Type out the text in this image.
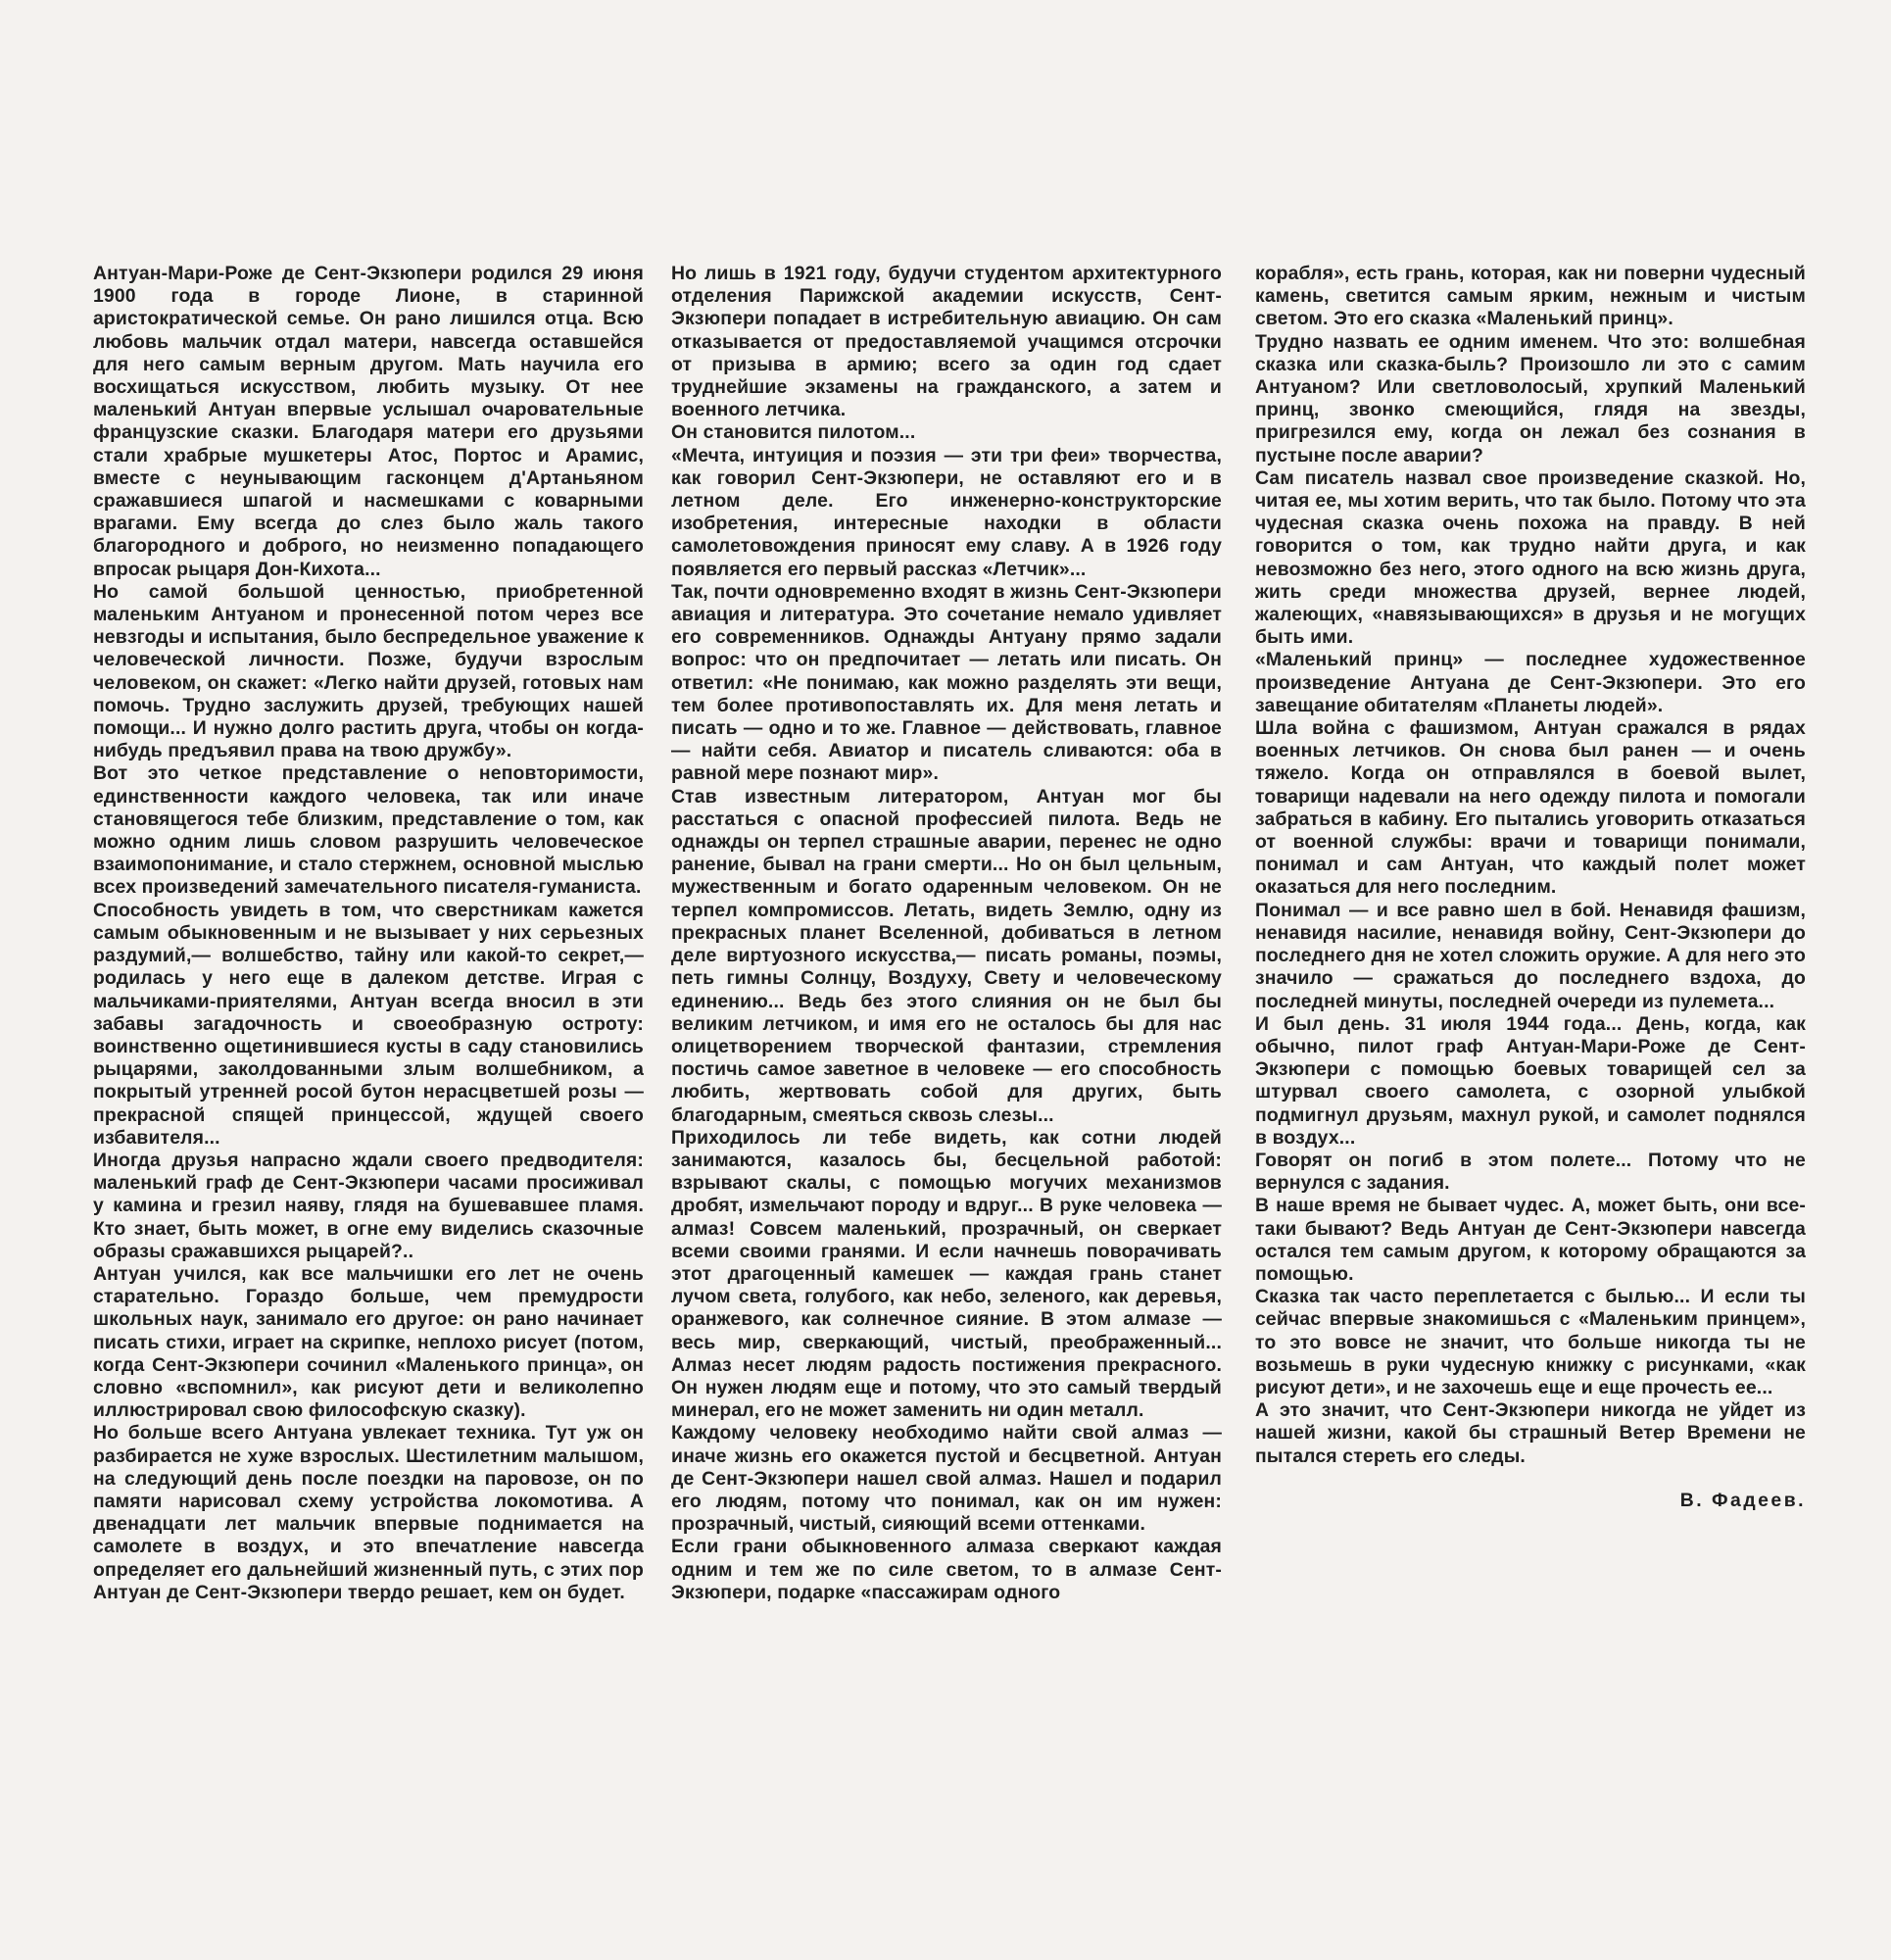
Антуан-Мари-Роже де Сент-Экзюпери родился 29 июня 1900 года в городе Лионе, в старинной аристократической семье. Он рано лишился отца. Всю любовь мальчик отдал матери, навсегда оставшейся для него самым верным другом. Мать научила его восхищаться искусством, любить музыку. От нее маленький Антуан впервые услышал очаровательные французские сказки. Благодаря матери его друзьями стали храбрые мушкетеры Атос, Портос и Арамис, вместе с неунывающим гасконцем д'Артаньяном сражавшиеся шпагой и насмешками с коварными врагами. Ему всегда до слез было жаль такого благородного и доброго, но неизменно попадающего впросак рыцаря Дон-Кихота...

Но самой большой ценностью, приобретенной маленьким Антуаном и пронесенной потом через все невзгоды и испытания, было беспредельное уважение к человеческой личности. Позже, будучи взрослым человеком, он скажет: «Легко найти друзей, готовых нам помочь. Трудно заслужить друзей, требующих нашей помощи... И нужно долго растить друга, чтобы он когда-нибудь предъявил права на твою дружбу».

Вот это четкое представление о неповторимости, единственности каждого человека, так или иначе становящегося тебе близким, представление о том, как можно одним лишь словом разрушить человеческое взаимопонимание, и стало стержнем, основной мыслью всех произведений замечательного писателя-гуманиста.

Способность увидеть в том, что сверстникам кажется самым обыкновенным и не вызывает у них серьезных раздумий,— волшебство, тайну или какой-то секрет,— родилась у него еще в далеком детстве. Играя с мальчиками-приятелями, Антуан всегда вносил в эти забавы загадочность и своеобразную остроту: воинственно ощетинившиеся кусты в саду становились рыцарями, заколдованными злым волшебником, а покрытый утренней росой бутон нерасцветшей розы — прекрасной спящей принцессой, ждущей своего избавителя...

Иногда друзья напрасно ждали своего предводителя: маленький граф де Сент-Экзюпери часами просиживал у камина и грезил наяву, глядя на бушевавшее пламя. Кто знает, быть может, в огне ему виделись сказочные образы сражавшихся рыцарей?..

Антуан учился, как все мальчишки его лет не очень старательно. Гораздо больше, чем премудрости школьных наук, занимало его другое: он рано начинает писать стихи, играет на скрипке, неплохо рисует (потом, когда Сент-Экзюпери сочинил «Маленького принца», он словно «вспомнил», как рисуют дети и великолепно иллюстрировал свою философскую сказку).

Но больше всего Антуана увлекает техника. Тут уж он разбирается не хуже взрослых. Шестилетним малышом, на следующий день после поездки на паровозе, он по памяти нарисовал схему устройства локомотива. А двенадцати лет мальчик впервые поднимается на самолете в воздух, и это впечатление навсегда определяет его дальнейший жизненный путь, с этих пор Антуан де Сент-Экзюпери твердо решает, кем он будет.

Но лишь в 1921 году, будучи студентом архитектурного отделения Парижской академии искусств, Сент-Экзюпери попадает в истребительную авиацию. Он сам отказывается от предоставляемой учащимся отсрочки от призыва в армию; всего за один год сдает труднейшие экзамены на гражданского, а затем и военного летчика.

Он становится пилотом...

«Мечта, интуиция и поэзия — эти три феи» творчества, как говорил Сент-Экзюпери, не оставляют его и в летном деле. Его инженерно-конструкторские изобретения, интересные находки в области самолетовождения приносят ему славу. А в 1926 году появляется его первый рассказ «Летчик»...

Так, почти одновременно входят в жизнь Сент-Экзюпери авиация и литература. Это сочетание немало удивляет его современников. Однажды Антуану прямо задали вопрос: что он предпочитает — летать или писать. Он ответил: «Не понимаю, как можно разделять эти вещи, тем более противопоставлять их. Для меня летать и писать — одно и то же. Главное — действовать, главное — найти себя. Авиатор и писатель сливаются: оба в равной мере познают мир».

Став известным литератором, Антуан мог бы расстаться с опасной профессией пилота. Ведь не однажды он терпел страшные аварии, перенес не одно ранение, бывал на грани смерти... Но он был цельным, мужественным и богато одаренным человеком. Он не терпел компромиссов. Летать, видеть Землю, одну из прекрасных планет Вселенной, добиваться в летном деле виртуозного искусства,— писать романы, поэмы, петь гимны Солнцу, Воздуху, Свету и человеческому единению... Ведь без этого слияния он не был бы великим летчиком, и имя его не осталось бы для нас олицетворением творческой фантазии, стремления постичь самое заветное в человеке — его способность любить, жертвовать собой для других, быть благодарным, смеяться сквозь слезы...

Приходилось ли тебе видеть, как сотни людей занимаются, казалось бы, бесцельной работой: взрывают скалы, с помощью могучих механизмов дробят, измельчают породу и вдруг... В руке человека — алмаз! Совсем маленький, прозрачный, он сверкает всеми своими гранями. И если начнешь поворачивать этот драгоценный камешек — каждая грань станет лучом света, голубого, как небо, зеленого, как деревья, оранжевого, как солнечное сияние. В этом алмазе — весь мир, сверкающий, чистый, преображенный... Алмаз несет людям радость постижения прекрасного. Он нужен людям еще и потому, что это самый твердый минерал, его не может заменить ни один металл.

Каждому человеку необходимо найти свой алмаз — иначе жизнь его окажется пустой и бесцветной. Антуан де Сент-Экзюпери нашел свой алмаз. Нашел и подарил его людям, потому что понимал, как он им нужен: прозрачный, чистый, сияющий всеми оттенками.

Если грани обыкновенного алмаза сверкают каждая одним и тем же по силе светом, то в алмазе Сент-Экзюпери, подарке «пассажирам одного

корабля», есть грань, которая, как ни поверни чудесный камень, светится самым ярким, нежным и чистым светом. Это его сказка «Маленький принц».

Трудно назвать ее одним именем. Что это: волшебная сказка или сказка-быль? Произошло ли это с самим Антуаном? Или светловолосый, хрупкий Маленький принц, звонко смеющийся, глядя на звезды, пригрезился ему, когда он лежал без сознания в пустыне после аварии?

Сам писатель назвал свое произведение сказкой. Но, читая ее, мы хотим верить, что так было. Потому что эта чудесная сказка очень похожа на правду. В ней говорится о том, как трудно найти друга, и как невозможно без него, этого одного на всю жизнь друга, жить среди множества друзей, вернее людей, жалеющих, «навязывающихся» в друзья и не могущих быть ими.

«Маленький принц» — последнее художественное произведение Антуана де Сент-Экзюпери. Это его завещание обитателям «Планеты людей».

Шла война с фашизмом, Антуан сражался в рядах военных летчиков. Он снова был ранен — и очень тяжело. Когда он отправлялся в боевой вылет, товарищи надевали на него одежду пилота и помогали забраться в кабину. Его пытались уговорить отказаться от военной службы: врачи и товарищи понимали, понимал и сам Антуан, что каждый полет может оказаться для него последним.

Понимал — и все равно шел в бой. Ненавидя фашизм, ненавидя насилие, ненавидя войну, Сент-Экзюпери до последнего дня не хотел сложить оружие. А для него это значило — сражаться до последнего вздоха, до последней минуты, последней очереди из пулемета...

И был день. 31 июля 1944 года... День, когда, как обычно, пилот граф Антуан-Мари-Роже де Сент-Экзюпери с помощью боевых товарищей сел за штурвал своего самолета, с озорной улыбкой подмигнул друзьям, махнул рукой, и самолет поднялся в воздух...

Говорят он погиб в этом полете... Потому что не вернулся с задания.

В наше время не бывает чудес. А, может быть, они все-таки бывают? Ведь Антуан де Сент-Экзюпери навсегда остался тем самым другом, к которому обращаются за помощью.

Сказка так часто переплетается с былью... И если ты сейчас впервые знакомишься с «Маленьким принцем», то это вовсе не значит, что больше никогда ты не возьмешь в руки чудесную книжку с рисунками, «как рисуют дети», и не захочешь еще и еще прочесть ее...

А это значит, что Сент-Экзюпери никогда не уйдет из нашей жизни, какой бы страшный Ветер Времени не пытался стереть его следы.

В. Фадеев.
